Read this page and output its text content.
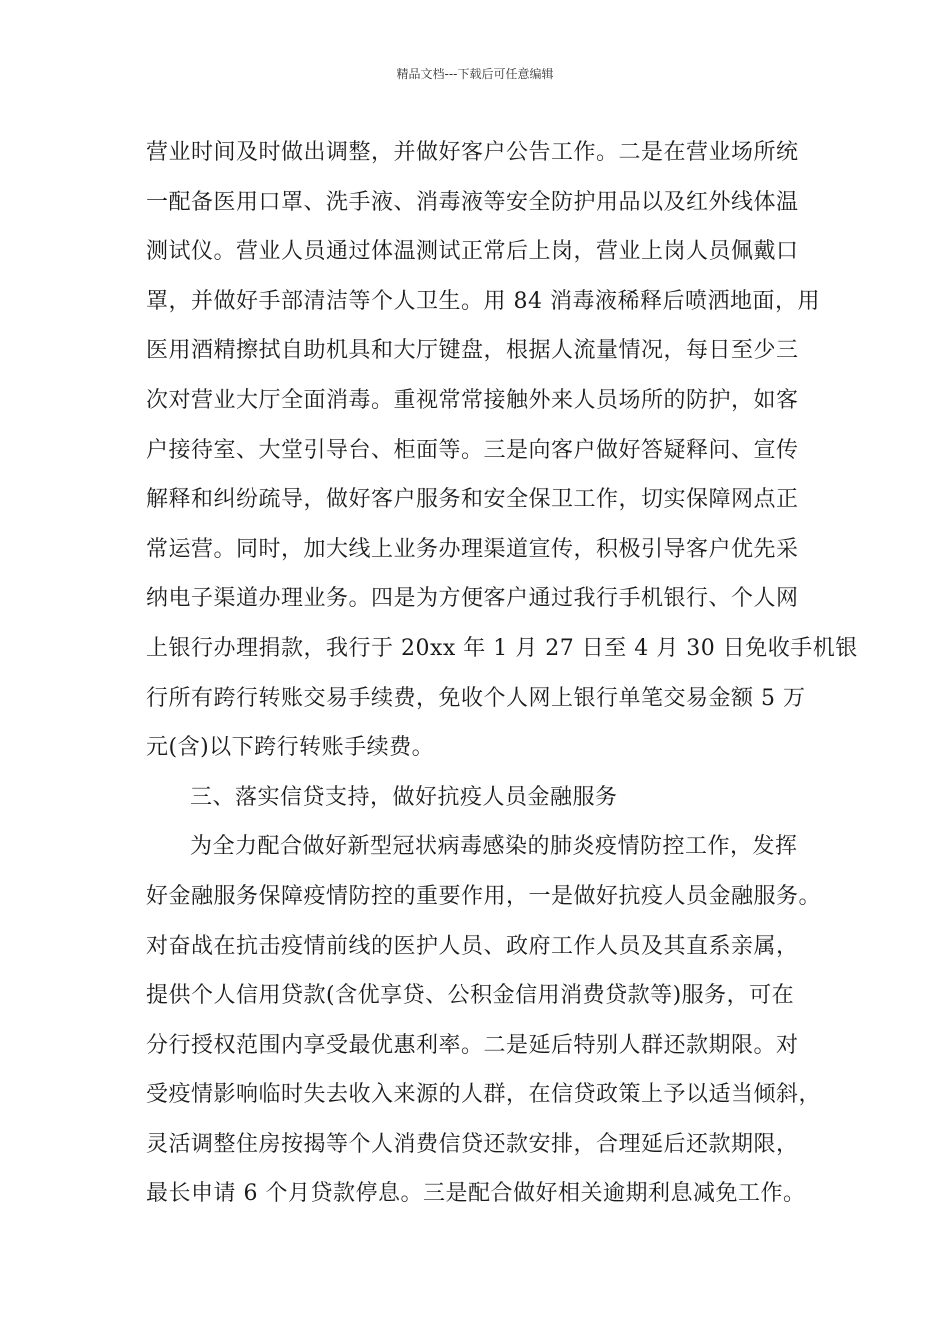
精品文档---下载后可任意编辑
营业时间及时做出调整，并做好客户公告工作。二是在营业场所统
一配备医用口罩、洗手液、消毒液等安全防护用品以及红外线体温
测试仪。营业人员通过体温测试正常后上岗，营业上岗人员佩戴口
罩，并做好手部清洁等个人卫生。用 84 消毒液稀释后喷洒地面，用
医用酒精擦拭自助机具和大厅键盘，根据人流量情况，每日至少三
次对营业大厅全面消毒。重视常常接触外来人员场所的防护，如客
户接待室、大堂引导台、柜面等。三是向客户做好答疑释问、宣传
解释和纠纷疏导，做好客户服务和安全保卫工作，切实保障网点正
常运营。同时，加大线上业务办理渠道宣传，积极引导客户优先采
纳电子渠道办理业务。四是为方便客户通过我行手机银行、个人网
上银行办理捐款，我行于 20xx 年 1 月 27 日至 4 月 30 日免收手机银
行所有跨行转账交易手续费，免收个人网上银行单笔交易金额 5 万
元(含)以下跨行转账手续费。
三、落实信贷支持，做好抗疫人员金融服务
为全力配合做好新型冠状病毒感染的肺炎疫情防控工作，发挥
好金融服务保障疫情防控的重要作用，一是做好抗疫人员金融服务。
对奋战在抗击疫情前线的医护人员、政府工作人员及其直系亲属，
提供个人信用贷款(含优享贷、公积金信用消费贷款等)服务，可在
分行授权范围内享受最优惠利率。二是延后特别人群还款期限。对
受疫情影响临时失去收入来源的人群，在信贷政策上予以适当倾斜，
灵活调整住房按揭等个人消费信贷还款安排，合理延后还款期限，
最长申请 6 个月贷款停息。三是配合做好相关逾期利息减免工作。
